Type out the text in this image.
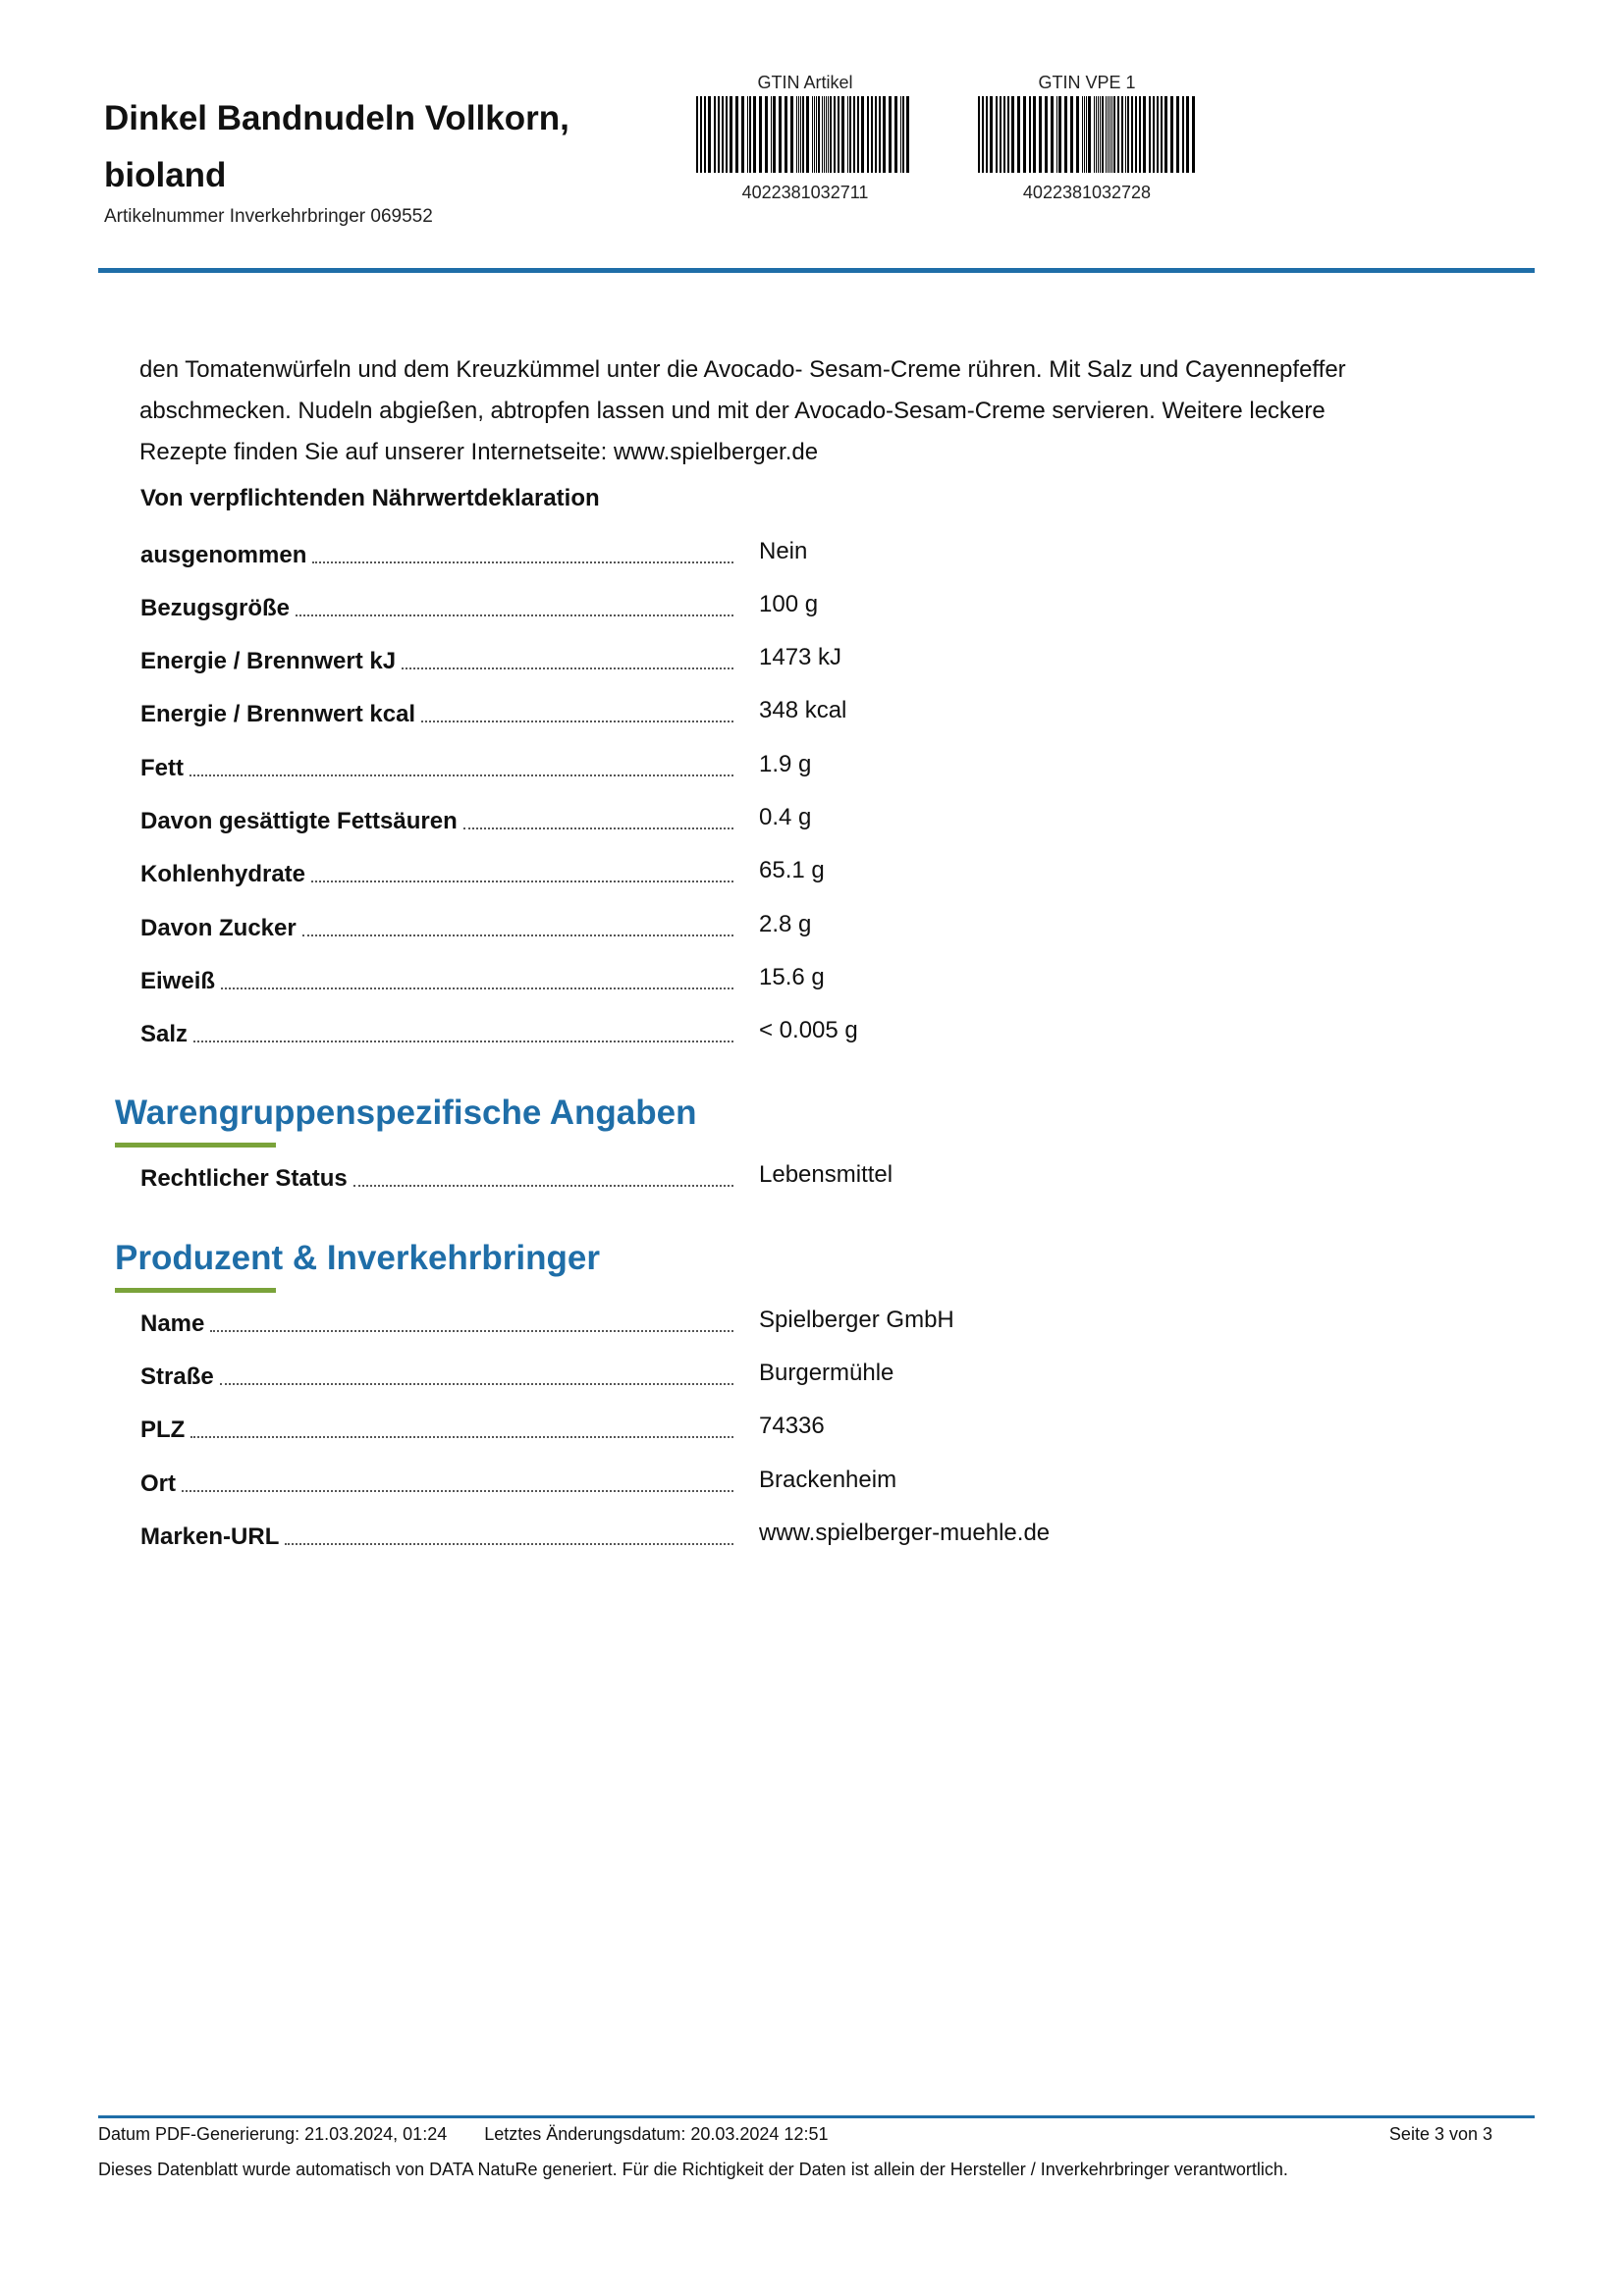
Dinkel Bandnudeln Vollkorn, bioland
Artikelnummer Inverkehrbringer 069552
GTIN Artikel
4022381032711
GTIN VPE 1
4022381032728
den Tomatenwürfeln und dem Kreuzkümmel unter die Avocado- Sesam-Creme rühren. Mit Salz und Cayennepfeffer abschmecken. Nudeln abgießen, abtropfen lassen und mit der Avocado-Sesam-Creme servieren. Weitere leckere Rezepte finden Sie auf unserer Internetseite: www.spielberger.de
Von verpflichtenden Nährwertdeklaration
ausgenommen	Nein
Bezugsgröße	100 g
Energie / Brennwert kJ	1473 kJ
Energie / Brennwert kcal	348 kcal
Fett	1.9 g
Davon gesättigte Fettsäuren	0.4 g
Kohlenhydrate	65.1 g
Davon Zucker	2.8 g
Eiweiß	15.6 g
Salz	< 0.005 g
Warengruppenspezifische Angaben
Rechtlicher Status	Lebensmittel
Produzent & Inverkehrbringer
Name	Spielberger GmbH
Straße	Burgermühle
PLZ	74336
Ort	Brackenheim
Marken-URL	www.spielberger-muehle.de
Datum PDF-Generierung: 21.03.2024, 01:24 Letztes Änderungsdatum: 20.03.2024 12:51	Seite 3 von 3
Dieses Datenblatt wurde automatisch von DATA NatuRe generiert. Für die Richtigkeit der Daten ist allein der Hersteller / Inverkehrbringer verantwortlich.
